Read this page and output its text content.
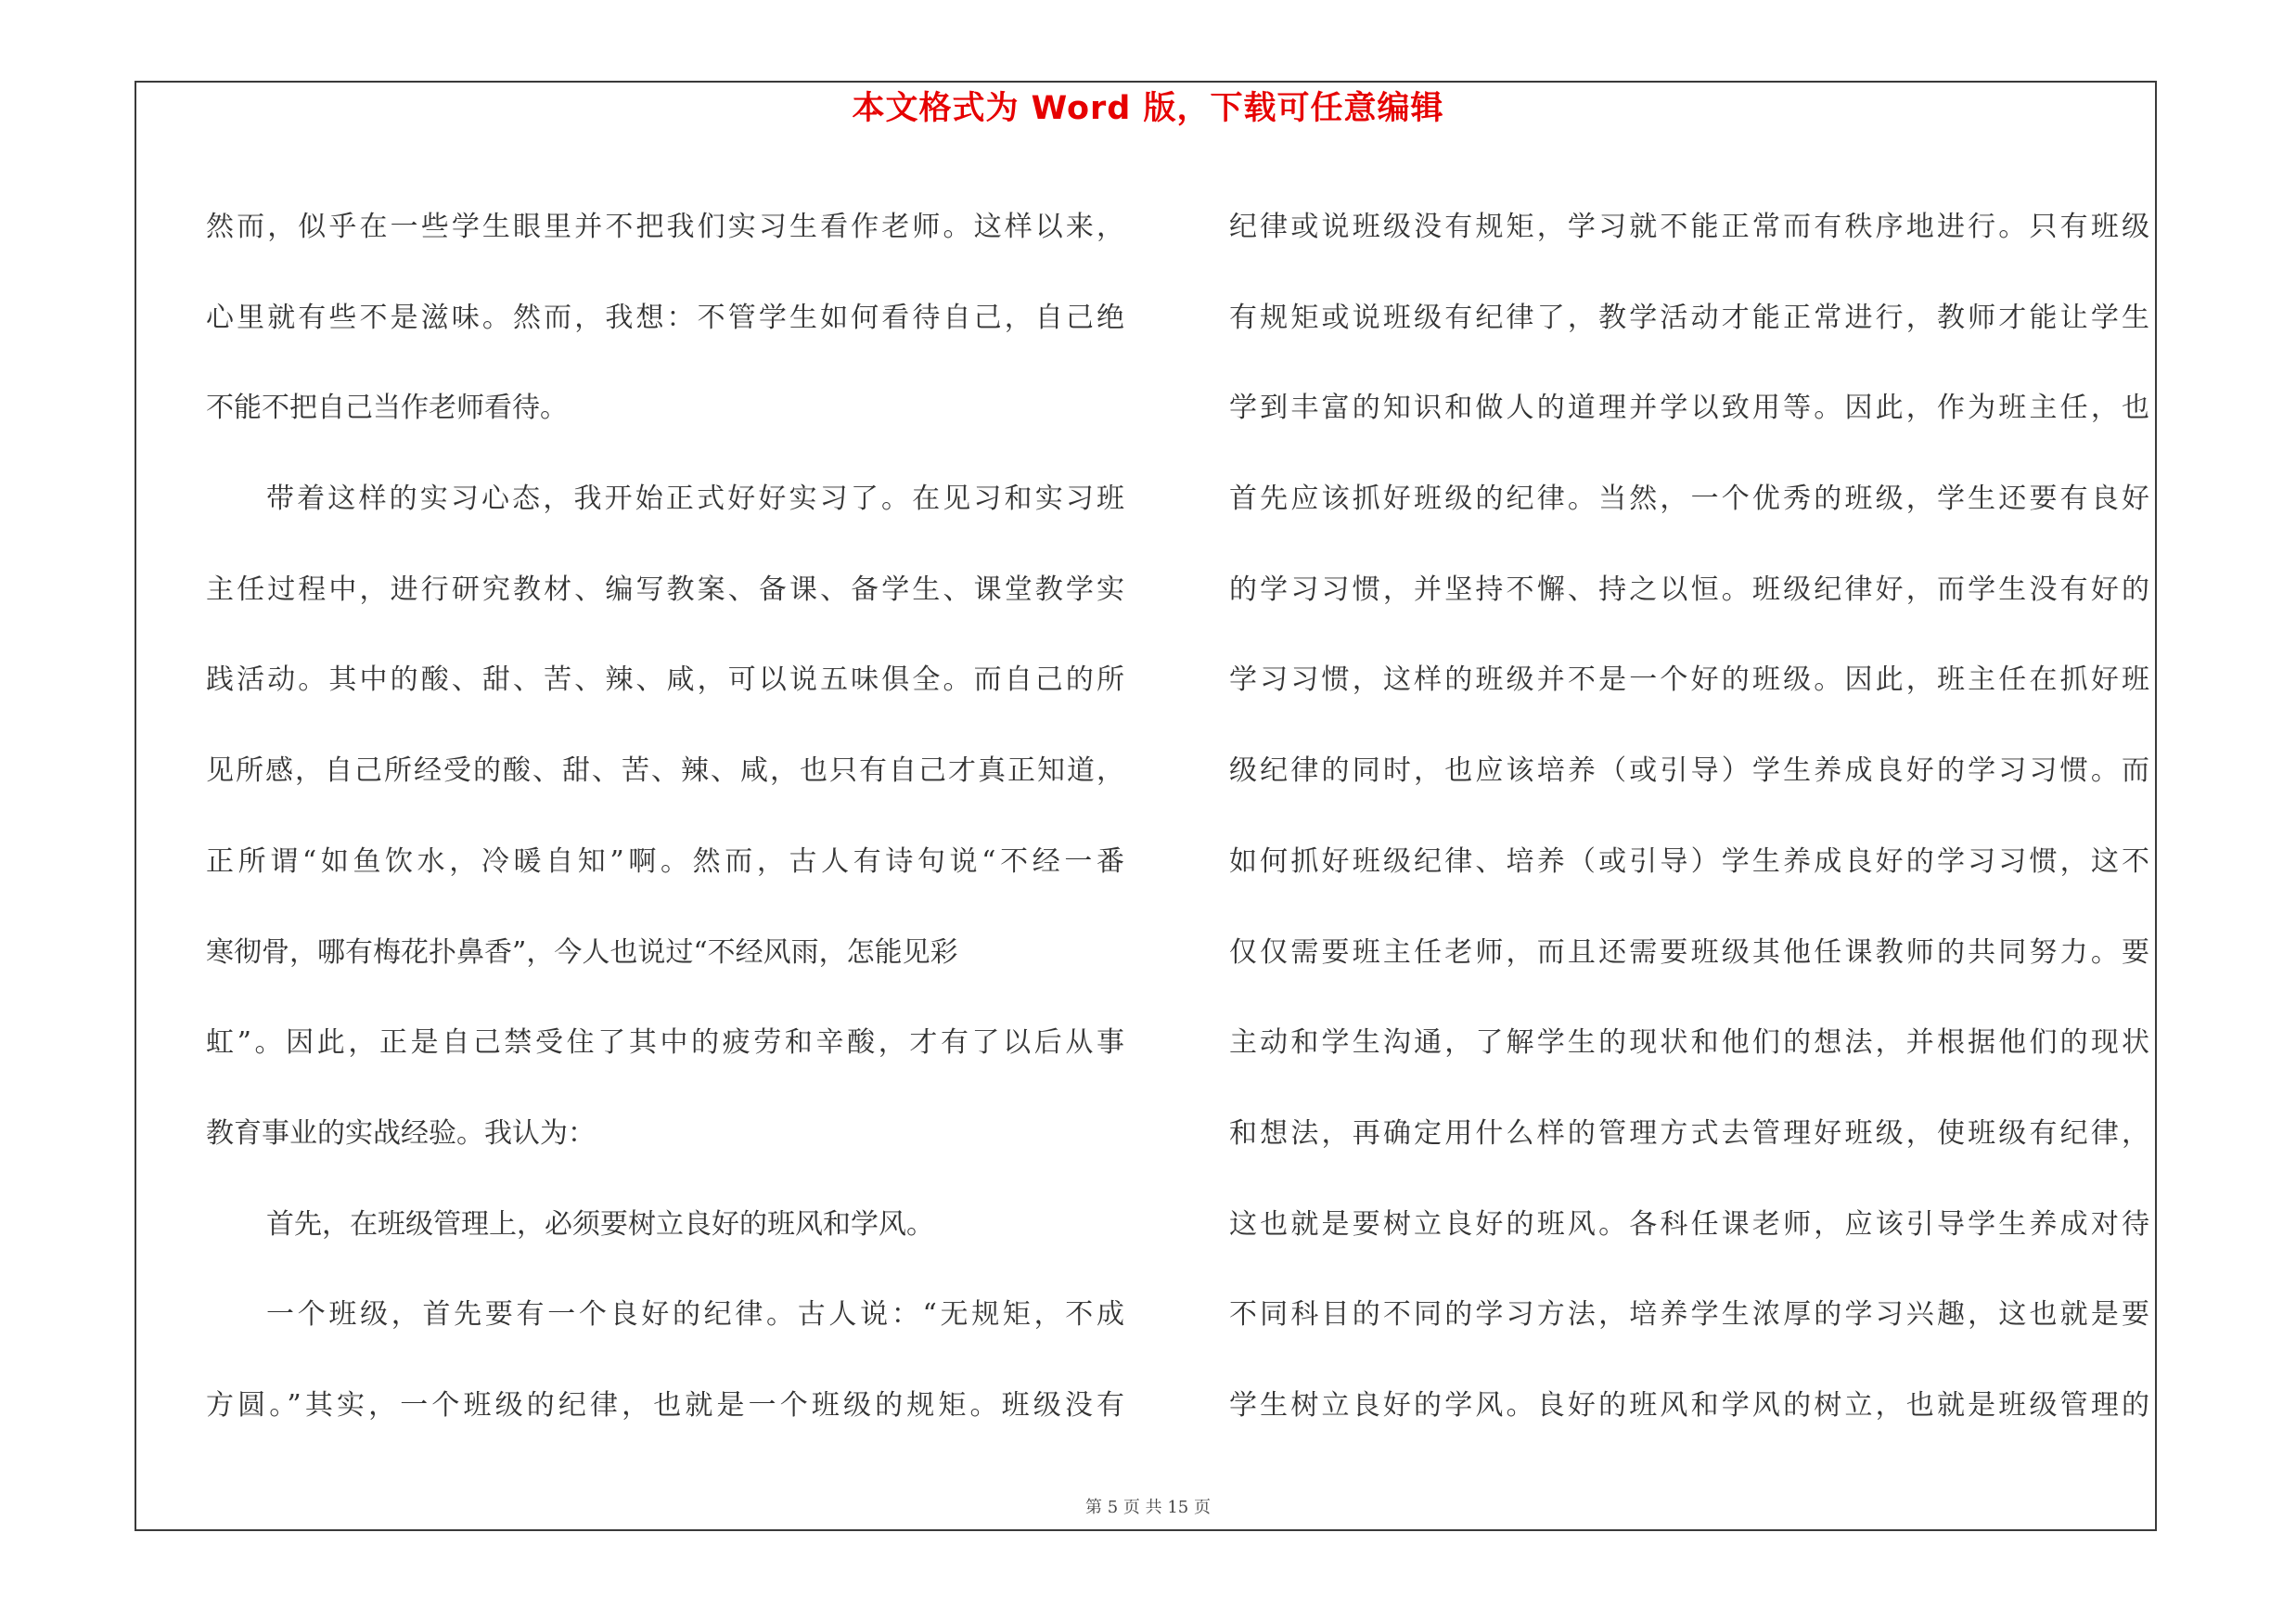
本文格式为 Word 版，下载可任意编辑
然而，似乎在一些学生眼里并不把我们实习生看作老师。这样以来，
心里就有些不是滋味。然而，我想：不管学生如何看待自己，自己绝
不能不把自己当作老师看待。
带着这样的实习心态，我开始正式好好实习了。在见习和实习班
主任过程中，进行研究教材、编写教案、备课、备学生、课堂教学实
践活动。其中的酸、甜、苦、辣、咸，可以说五味俱全。而自己的所
见所感，自己所经受的酸、甜、苦、辣、咸，也只有自己才真正知道，
正所谓“如鱼饮水，冷暖自知”啊。然而，古人有诗句说“不经一番
寒彻骨，哪有梅花扑鼻香”，今人也说过“不经风雨，怎能见彩
虹”。因此，正是自己禁受住了其中的疲劳和辛酸，才有了以后从事
教育事业的实战经验。我认为：
首先，在班级管理上，必须要树立良好的班风和学风。
一个班级，首先要有一个良好的纪律。古人说：“无规矩，不成
方圆。”其实，一个班级的纪律，也就是一个班级的规矩。班级没有
纪律或说班级没有规矩，学习就不能正常而有秩序地进行。只有班级
有规矩或说班级有纪律了，教学活动才能正常进行，教师才能让学生
学到丰富的知识和做人的道理并学以致用等。因此，作为班主任，也
首先应该抓好班级的纪律。当然，一个优秀的班级，学生还要有良好
的学习习惯，并坚持不懈、持之以恒。班级纪律好，而学生没有好的
学习习惯，这样的班级并不是一个好的班级。因此，班主任在抓好班
级纪律的同时，也应该培养（或引导）学生养成良好的学习习惯。而
如何抓好班级纪律、培养（或引导）学生养成良好的学习习惯，这不
仅仅需要班主任老师，而且还需要班级其他任课教师的共同努力。要
主动和学生沟通，了解学生的现状和他们的想法，并根据他们的现状
和想法，再确定用什么样的管理方式去管理好班级，使班级有纪律，
这也就是要树立良好的班风。各科任课老师，应该引导学生养成对待
不同科目的不同的学习方法，培养学生浓厚的学习兴趣，这也就是要
学生树立良好的学风。良好的班风和学风的树立，也就是班级管理的
第 5 页 共 15 页
